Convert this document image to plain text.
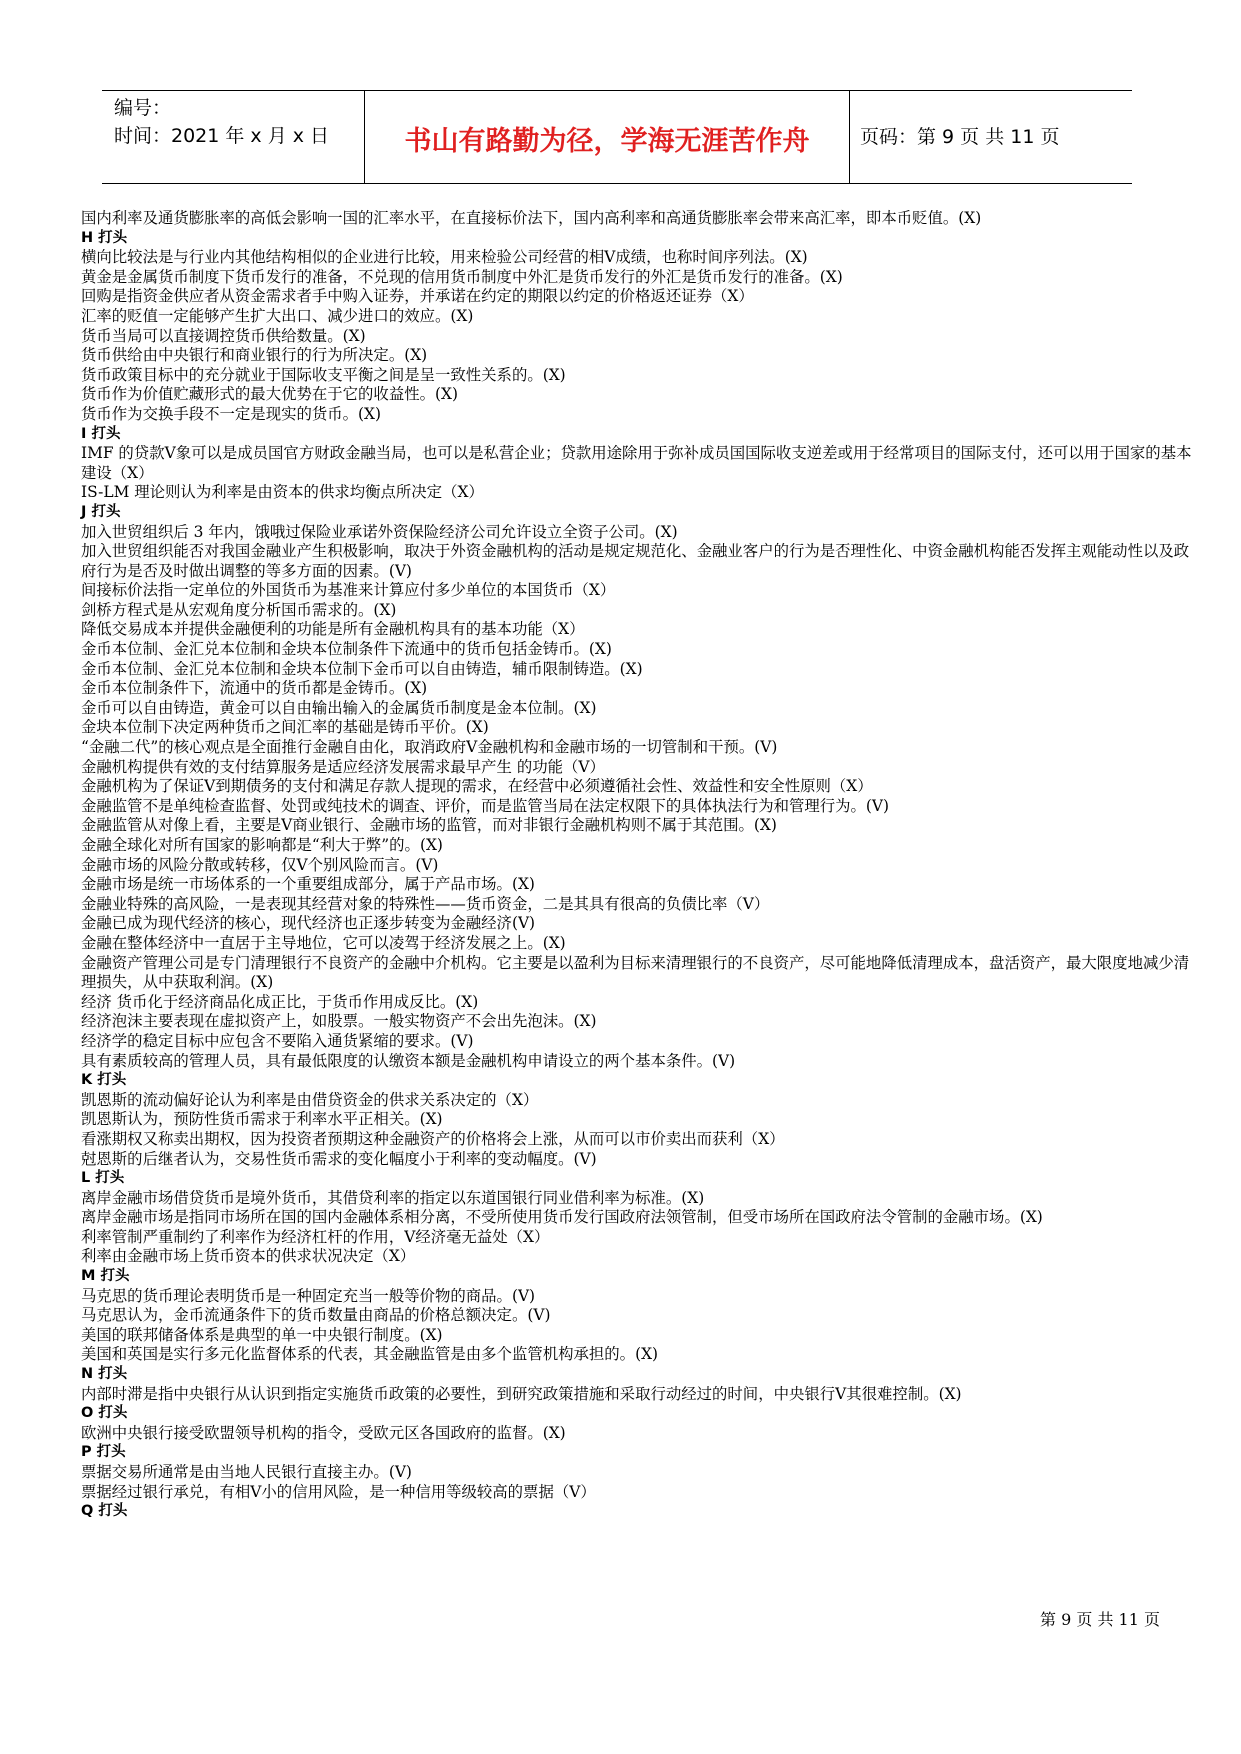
编号：
时间：2021 年 x 月 x 日	书山有路勤为径，学海无涯苦作舟	页码：第 9 页 共 11 页
国内利率及通货膨胀率的高低会影响一国的汇率水平，在直接标价法下，国内高利率和高通货膨胀率会带来高汇率，即本币贬值。(X)
H 打头
横向比较法是与行业内其他结构相似的企业进行比较，用来检验公司经营的相Ⅴ成绩，也称时间序列法。(X)
黄金是金属货币制度下货币发行的准备，不兑现的信用货币制度中外汇是货币发行的外汇是货币发行的准备。(X)
回购是指资金供应者从资金需求者手中购入证券，并承诺在约定的期限以约定的价格返还证券（X）
汇率的贬值一定能够产生扩大出口、减少进口的效应。(X)
货币当局可以直接调控货币供给数量。(X)
货币供给由中央银行和商业银行的行为所决定。(X)
货币政策目标中的充分就业于国际收支平衡之间是呈一致性关系的。(X)
货币作为价值贮藏形式的最大优势在于它的收益性。(X)
货币作为交换手段不一定是现实的货币。(X)
I 打头
IMF 的贷款Ⅴ象可以是成员国官方财政金融当局，也可以是私营企业；贷款用途除用于弥补成员国国际收支逆差或用于经常项目的国际支付，还可以用于国家的基本建设（X）
IS-LM 理论则认为利率是由资本的供求均衡点所决定（X）
J 打头
加入世贸组织后 3 年内，饿哦过保险业承诺外资保险经济公司允许设立全资子公司。(X)
加入世贸组织能否对我国金融业产生积极影响，取决于外资金融机构的活动是规定规范化、金融业客户的行为是否理性化、中资金融机构能否发挥主观能动性以及政府行为是否及时做出调整的等多方面的因素。(V)
间接标价法指一定单位的外国货币为基准来计算应付多少单位的本国货币（X）
剑桥方程式是从宏观角度分析国币需求的。(X)
降低交易成本并提供金融便利的功能是所有金融机构具有的基本功能（X）
金币本位制、金汇兑本位制和金块本位制条件下流通中的货币包括金铸币。(X)
金币本位制、金汇兑本位制和金块本位制下金币可以自由铸造，辅币限制铸造。(X)
金币本位制条件下，流通中的货币都是金铸币。(X)
金币可以自由铸造，黄金可以自由输出输入的金属货币制度是金本位制。(X)
金块本位制下决定两种货币之间汇率的基础是铸币平价。(X)
“金融二代”的核心观点是全面推行金融自由化，取消政府Ⅴ金融机构和金融市场的一切管制和干预。(V)
金融机构提供有效的支付结算服务是适应经济发展需求最早产生 的功能（V）
金融机构为了保证Ⅴ到期债务的支付和满足存款人提现的需求，在经营中必须遵循社会性、效益性和安全性原则（X）
金融监管不是单纯检查监督、处罚或纯技术的调查、评价，而是监管当局在法定权限下的具体执法行为和管理行为。(V)
金融监管从对像上看，主要是Ⅴ商业银行、金融市场的监管，而对非银行金融机构则不属于其范围。(X)
金融全球化对所有国家的影响都是“利大于弊”的。(X)
金融市场的风险分散或转移，仅Ⅴ个别风险而言。(V)
金融市场是统一市场体系的一个重要组成部分，属于产品市场。(X)
金融业特殊的高风险，一是表现其经营对象的特殊性——货币资金，二是其具有很高的负债比率（V）
金融已成为现代经济的核心，现代经济也正逐步转变为金融经济(V)
金融在整体经济中一直居于主导地位，它可以凌驾于经济发展之上。(X)
金融资产管理公司是专门清理银行不良资产的金融中介机构。它主要是以盈利为目标来清理银行的不良资产，尽可能地降低清理成本，盘活资产，最大限度地减少清理损失，从中获取利润。(X)
经济 货币化于经济商品化成正比，于货币作用成反比。(X)
经济泡沫主要表现在虚拟资产上，如股票。一般实物资产不会出先泡沫。(X)
经济学的稳定目标中应包含不要陷入通货紧缩的要求。(V)
具有素质较高的管理人员，具有最低限度的认缴资本额是金融机构申请设立的两个基本条件。(V)
K 打头
凯恩斯的流动偏好论认为利率是由借贷资金的供求关系决定的（X）
凯恩斯认为，预防性货币需求于利率水平正相关。(X)
看涨期权又称卖出期权，因为投资者预期这种金融资产的价格将会上涨，从而可以市价卖出而获利（X）
尅恩斯的后继者认为，交易性货币需求的变化幅度小于利率的变动幅度。(V)
L 打头
离岸金融市场借贷货币是境外货币，其借贷利率的指定以东道国银行同业借利率为标准。(X)
离岸金融市场是指同市场所在国的国内金融体系相分离，不受所使用货币发行国政府法领管制，但受市场所在国政府法令管制的金融市场。(X)
利率管制严重制约了利率作为经济杠杆的作用，Ⅴ经济毫无益处（X）
利率由金融市场上货币资本的供求状况决定（X）
M 打头
马克思的货币理论表明货币是一种固定充当一般等价物的商品。(V)
马克思认为，金币流通条件下的货币数量由商品的价格总额决定。(V)
美国的联邦储备体系是典型的单一中央银行制度。(X)
美国和英国是实行多元化监督体系的代表，其金融监管是由多个监管机构承担的。(X)
N 打头
内部时滞是指中央银行从认识到指定实施货币政策的必要性，到研究政策措施和采取行动经过的时间，中央银行Ⅴ其很难控制。(X)
O 打头
欧洲中央银行接受欧盟领导机构的指令，受欧元区各国政府的监督。(X)
P 打头
票据交易所通常是由当地人民银行直接主办。(V)
票据经过银行承兑，有相Ⅴ小的信用风险，是一种信用等级较高的票据（V）
Q 打头
第 9 页 共 11 页
